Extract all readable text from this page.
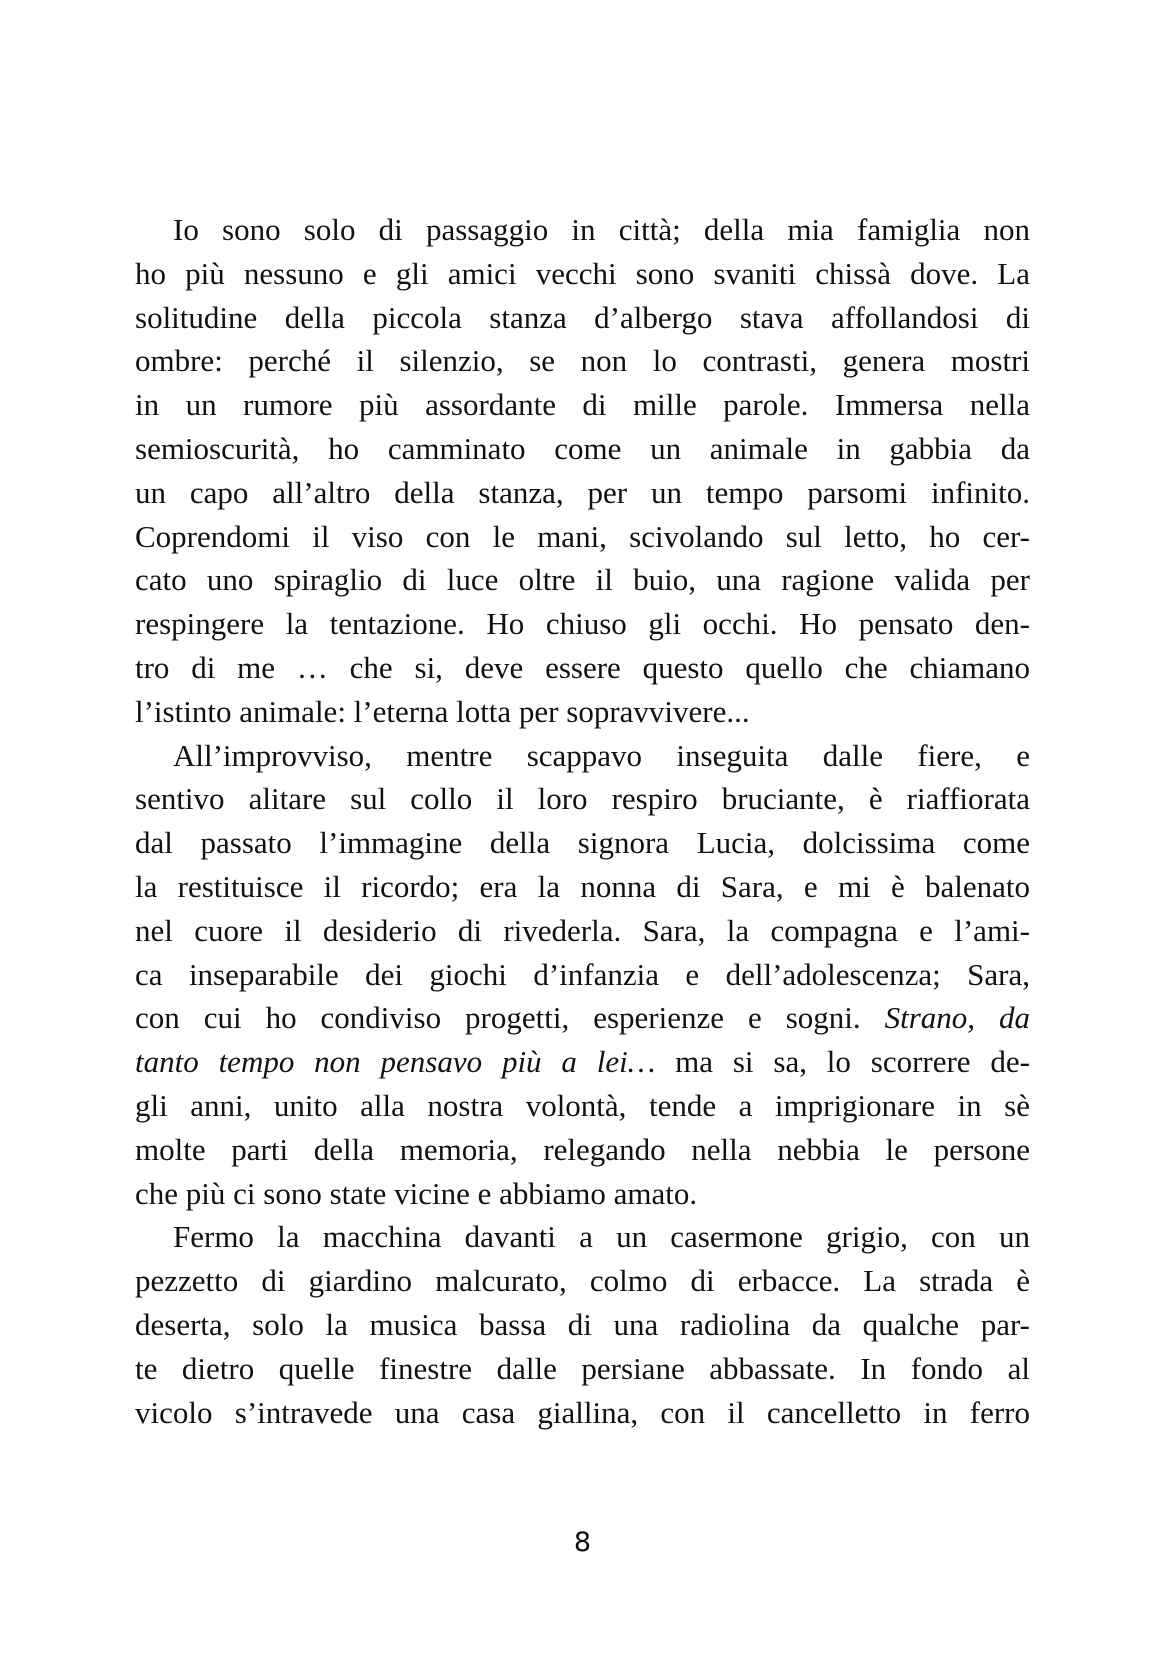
Io sono solo di passaggio in città; della mia famiglia non
ho più nessuno e gli amici vecchi sono svaniti chissà dove. La
solitudine della piccola stanza d’albergo stava affollandosi di
ombre: perché il silenzio, se non lo contrasti, genera mostri
in un rumore più assordante di mille parole. Immersa nella
semioscurità, ho camminato come un animale in gabbia da
un capo all’altro della stanza, per un tempo parsomi infinito.
Coprendomi il viso con le mani, scivolando sul letto, ho cer-
cato uno spiraglio di luce oltre il buio, una ragione valida per
respingere la tentazione. Ho chiuso gli occhi. Ho pensato den-
tro di me … che si, deve essere questo quello che chiamano
l’istinto animale: l’eterna lotta per sopravvivere...
All’improvviso, mentre scappavo inseguita dalle fiere, e
sentivo alitare sul collo il loro respiro bruciante, è riaffiorata
dal passato l’immagine della signora Lucia, dolcissima come
la restituisce il ricordo; era la nonna di Sara, e mi è balenato
nel cuore il desiderio di rivederla. Sara, la compagna e l’ami-
ca inseparabile dei giochi d’infanzia e dell’adolescenza; Sara,
con cui ho condiviso progetti, esperienze e sogni. Strano, da
tanto tempo non pensavo più a lei… ma si sa, lo scorrere de-
gli anni, unito alla nostra volontà, tende a imprigionare in sè
molte parti della memoria, relegando nella nebbia le persone
che più ci sono state vicine e abbiamo amato.
Fermo la macchina davanti a un casermone grigio, con un
pezzetto di giardino malcurato, colmo di erbacce. La strada è
deserta, solo la musica bassa di una radiolina da qualche par-
te dietro quelle finestre dalle persiane abbassate. In fondo al
vicolo s’intravede una casa giallina, con il cancelletto in ferro
8
